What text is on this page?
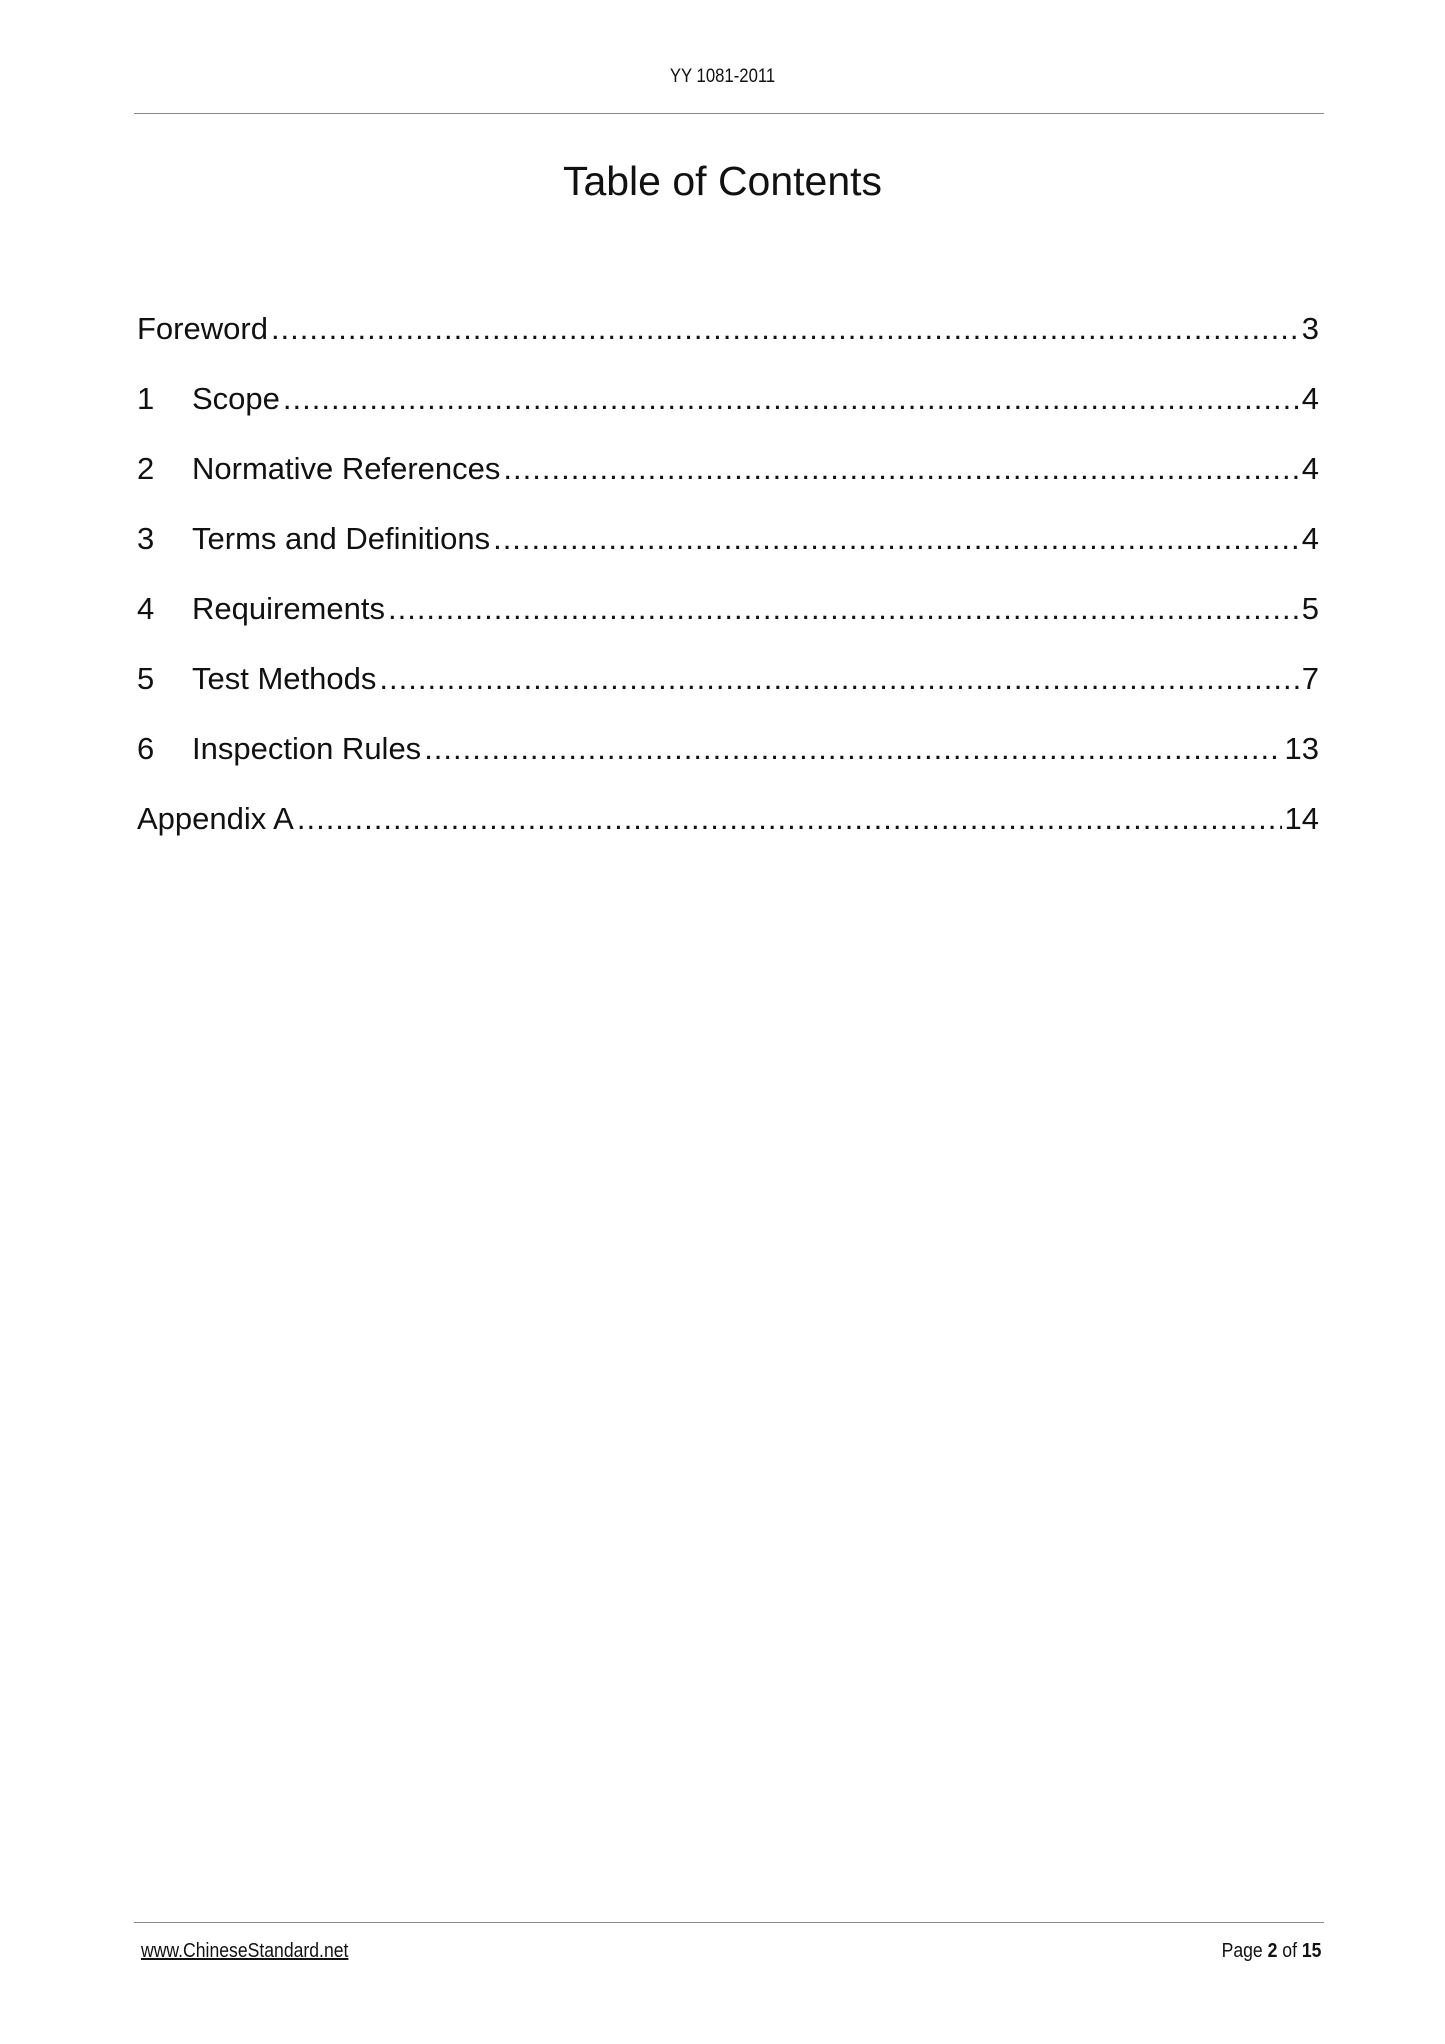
YY 1081-2011
Table of Contents
Foreword .....	3
1	Scope .....	4
2	Normative References .....	4
3	Terms and Definitions .....	4
4	Requirements .....	5
5	Test Methods .....	7
6	Inspection Rules .....	13
Appendix A .....	14
www.ChineseStandard.net	Page 2 of 15
